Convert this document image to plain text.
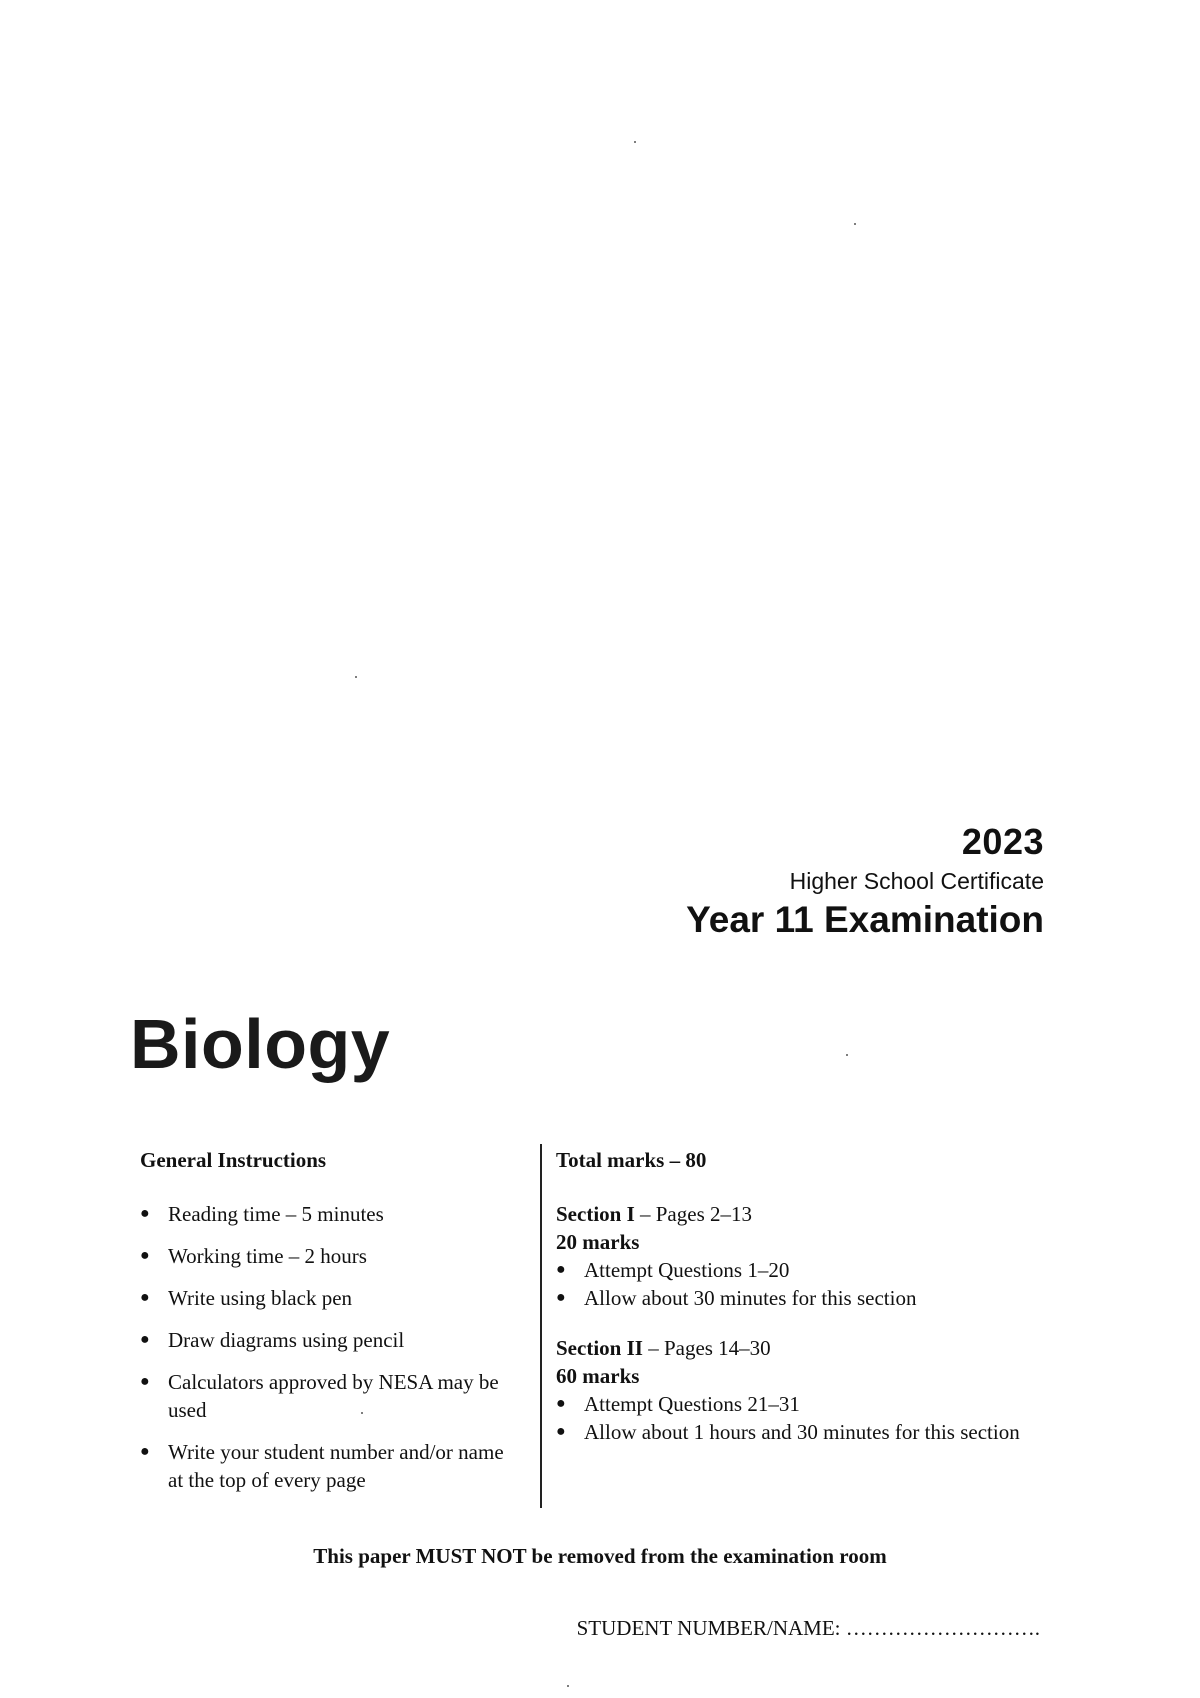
2023
Higher School Certificate
Year 11 Examination
Biology

General Instructions

● Reading time – 5 minutes
● Working time – 2 hours
● Write using black pen
● Draw diagrams using pencil
● Calculators approved by NESA may be used
● Write your student number and/or name at the top of every page

Total marks – 80

Section I – Pages 2–13
20 marks
● Attempt Questions 1–20
● Allow about 30 minutes for this section
Section II – Pages 14–30
60 marks
● Attempt Questions 21–31
● Allow about 1 hours and 30 minutes for this section
This paper MUST NOT be removed from the examination room
STUDENT NUMBER/NAME: ……………………….
